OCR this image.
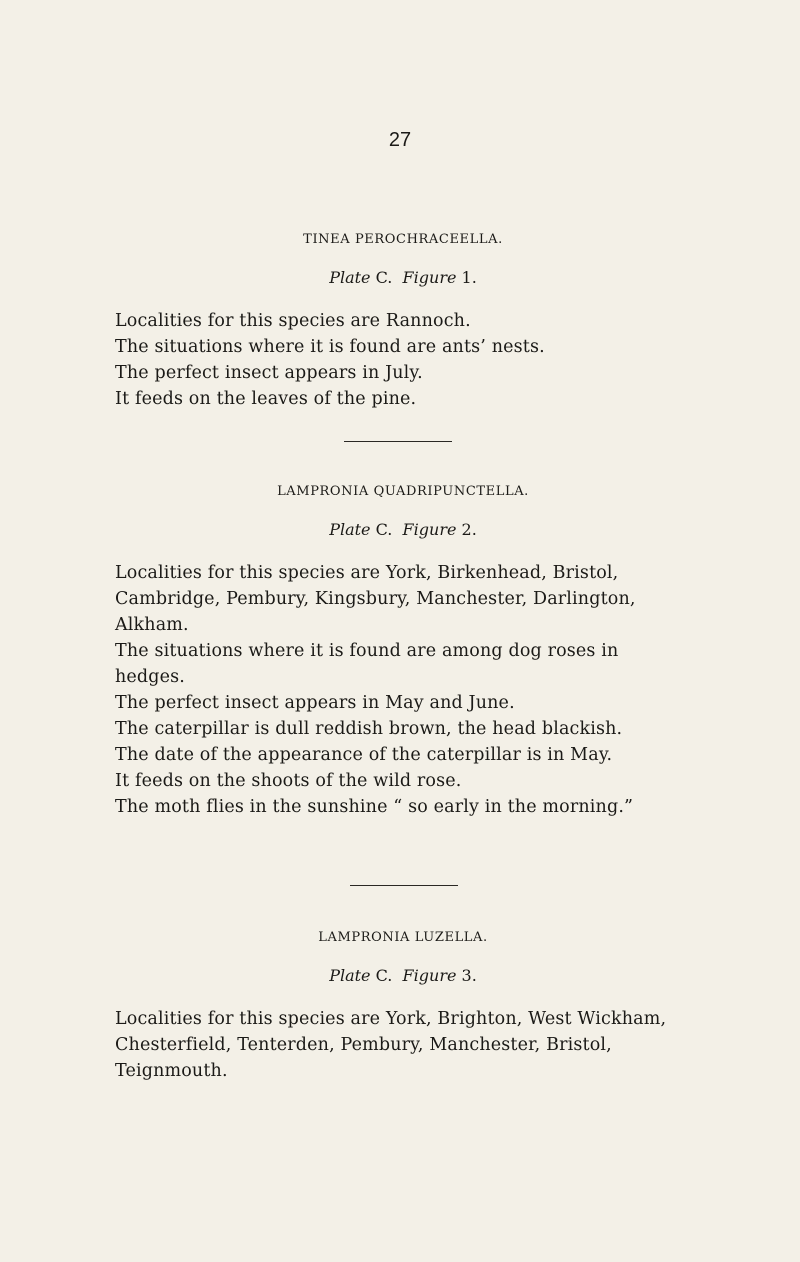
27
TINEA PEROCHRACEELLA.
Plate C. Figure 1.

Localities for this species are Rannoch.

The situations where it is found are ants’ nests.

The perfect insect appears in July.

It feeds on the leaves of the pine.

LAMPRONIA QUADRIPUNCTELLA.
Plate C. Figure 2.

Localities for this species are York, Birkenhead, Bristol, Cambridge, Pembury, Kingsbury, Manchester, Darlington, Alkham.

The situations where it is found are among dog roses in hedges.

The perfect insect appears in May and June.

The caterpillar is dull reddish brown, the head blackish.

The date of the appearance of the caterpillar is in May.

It feeds on the shoots of the wild rose.

The moth flies in the sunshine “ so early in the morning.”

LAMPRONIA LUZELLA.
Plate C. Figure 3.

Localities for this species are York, Brighton, West Wickham, Chesterfield, Tenterden, Pembury, Manchester, Bristol, Teignmouth.
